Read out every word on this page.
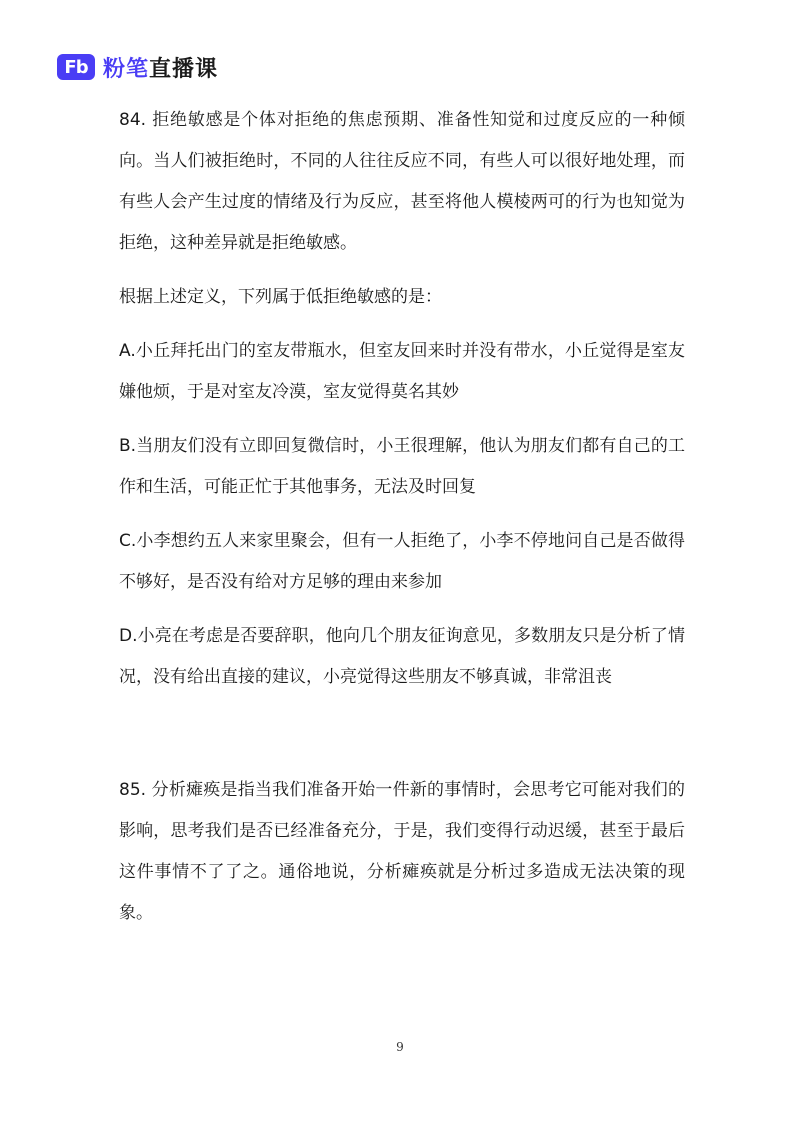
Fb 粉笔直播课

84. 拒绝敏感是个体对拒绝的焦虑预期、准备性知觉和过度反应的一种倾向。当人们被拒绝时，不同的人往往反应不同，有些人可以很好地处理，而有些人会产生过度的情绪及行为反应，甚至将他人模棱两可的行为也知觉为拒绝，这种差异就是拒绝敏感。

根据上述定义，下列属于低拒绝敏感的是：

A.小丘拜托出门的室友带瓶水，但室友回来时并没有带水，小丘觉得是室友嫌他烦，于是对室友冷漠，室友觉得莫名其妙

B.当朋友们没有立即回复微信时，小王很理解，他认为朋友们都有自己的工作和生活，可能正忙于其他事务，无法及时回复

C.小李想约五人来家里聚会，但有一人拒绝了，小李不停地问自己是否做得不够好，是否没有给对方足够的理由来参加

D.小亮在考虑是否要辞职，他向几个朋友征询意见，多数朋友只是分析了情况，没有给出直接的建议，小亮觉得这些朋友不够真诚，非常沮丧

85. 分析瘫痪是指当我们准备开始一件新的事情时，会思考它可能对我们的影响，思考我们是否已经准备充分，于是，我们变得行动迟缓，甚至于最后这件事情不了了之。通俗地说，分析瘫痪就是分析过多造成无法决策的现象。

9
